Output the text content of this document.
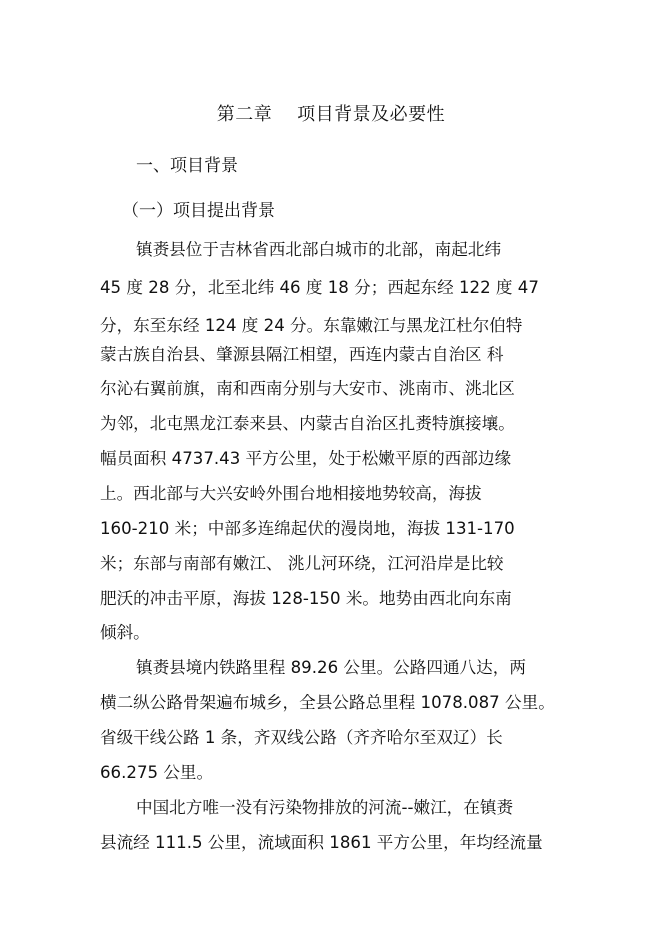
第二章    项目背景及必要性
一、项目背景
（一）项目提出背景
镇赉县位于吉林省西北部白城市的北部，南起北纬
45 度 28 分，北至北纬 46 度 18 分；西起东经 122 度 47
分，东至东经 124 度 24 分。东靠嫩江与黑龙江杜尔伯特
蒙古族自治县、肇源县隔江相望，西连内蒙古自治区 科
尔沁右翼前旗，南和西南分别与大安市、洮南市、洮北区
为邻，北屯黑龙江泰来县、内蒙古自治区扎赉特旗接壤。
幅员面积 4737.43 平方公里，处于松嫩平原的西部边缘
上。西北部与大兴安岭外围台地相接地势较高，海拔
160-210 米；中部多连绵起伏的漫岗地，海拔 131-170
米；东部与南部有嫩江、 洮儿河环绕，江河沿岸是比较
肥沃的冲击平原，海拔 128-150 米。地势由西北向东南
倾斜。
镇赉县境内铁路里程 89.26 公里。公路四通八达，两
横二纵公路骨架遍布城乡，全县公路总里程 1078.087 公里。
省级干线公路 1 条，齐双线公路（齐齐哈尔至双辽）长
66.275 公里。
中国北方唯一没有污染物排放的河流--嫩江，在镇赉
县流经 111.5 公里，流域面积 1861 平方公里，年均经流量
